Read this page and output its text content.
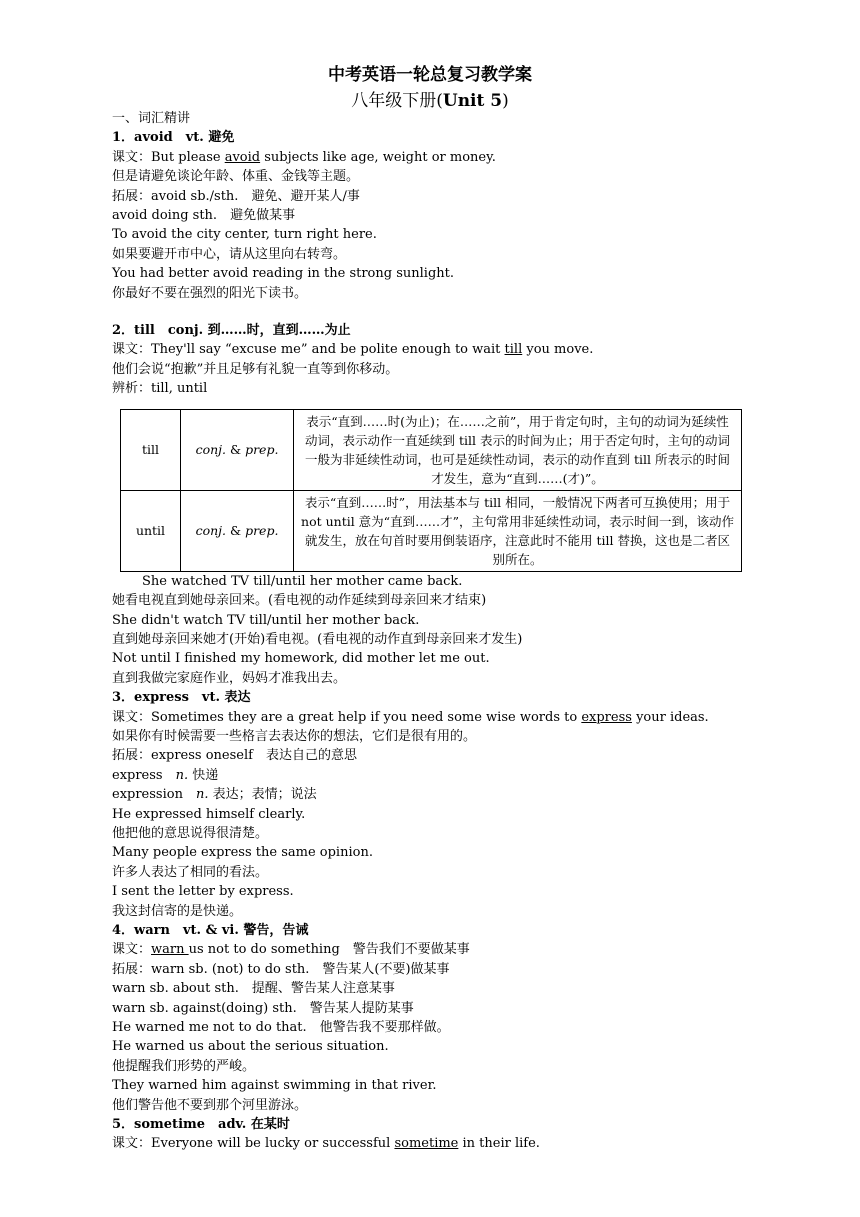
中考英语一轮总复习教学案
八年级下册(Unit 5)

一、词汇精讲

1．avoid　vt. 避免

课文：But please avoid subjects like age, weight or money.

但是请避免谈论年龄、体重、金钱等主题。

拓展：avoid sb./sth.　避免、避开某人/事

avoid doing sth.　避免做某事

To avoid the city center, turn right here.

如果要避开市中心，请从这里向右转弯。

You had better avoid reading in the strong sunlight.

你最好不要在强烈的阳光下读书。

2．till　conj. 到……时，直到……为止

课文：They'll say “excuse me” and be polite enough to wait till you move.

他们会说“抱歉”并且足够有礼貌一直等到你移动。

辨析：till, until

till	conj. & prep.	表示“直到……时(为止)；在……之前”，用于肯定句时，主句的动词为延续性动词，表示动作一直延续到 till 表示的时间为止；用于否定句时，主句的动词一般为非延续性动词，也可是延续性动词，表示的动作直到 till 所表示的时间才发生，意为“直到……(才)”。
until	conj. & prep.	表示“直到……时”，用法基本与 till 相同，一般情况下两者可互换使用；用于 not until 意为“直到……才”，主句常用非延续性动词，表示时间一到，该动作就发生，放在句首时要用倒装语序，注意此时不能用 till 替换，这也是二者区别所在。

She watched TV till/until her mother came back.

她看电视直到她母亲回来。(看电视的动作延续到母亲回来才结束)

She didn't watch TV till/until her mother back.

直到她母亲回来她才(开始)看电视。(看电视的动作直到母亲回来才发生)

Not until I finished my homework, did mother let me out.

直到我做完家庭作业，妈妈才准我出去。

3．express　vt. 表达

课文：Sometimes they are a great help if you need some wise words to express your ideas.

如果你有时候需要一些格言去表达你的想法，它们是很有用的。

拓展：express oneself　表达自己的意思

express　n. 快递

expression　n. 表达；表情；说法

He expressed himself clearly.

他把他的意思说得很清楚。

Many people express the same opinion.

许多人表达了相同的看法。

I sent the letter by express.

我这封信寄的是快递。

4．warn　vt. & vi. 警告，告诫

课文：warn us not to do something　警告我们不要做某事

拓展：warn sb. (not) to do sth.　警告某人(不要)做某事

warn sb. about sth.　提醒、警告某人注意某事

warn sb. against(doing) sth.　警告某人提防某事

He warned me not to do that.　他警告我不要那样做。

He warned us about the serious situation.

他提醒我们形势的严峻。

They warned him against swimming in that river.

他们警告他不要到那个河里游泳。

5．sometime　adv. 在某时

课文：Everyone will be lucky or successful sometime in their life.
